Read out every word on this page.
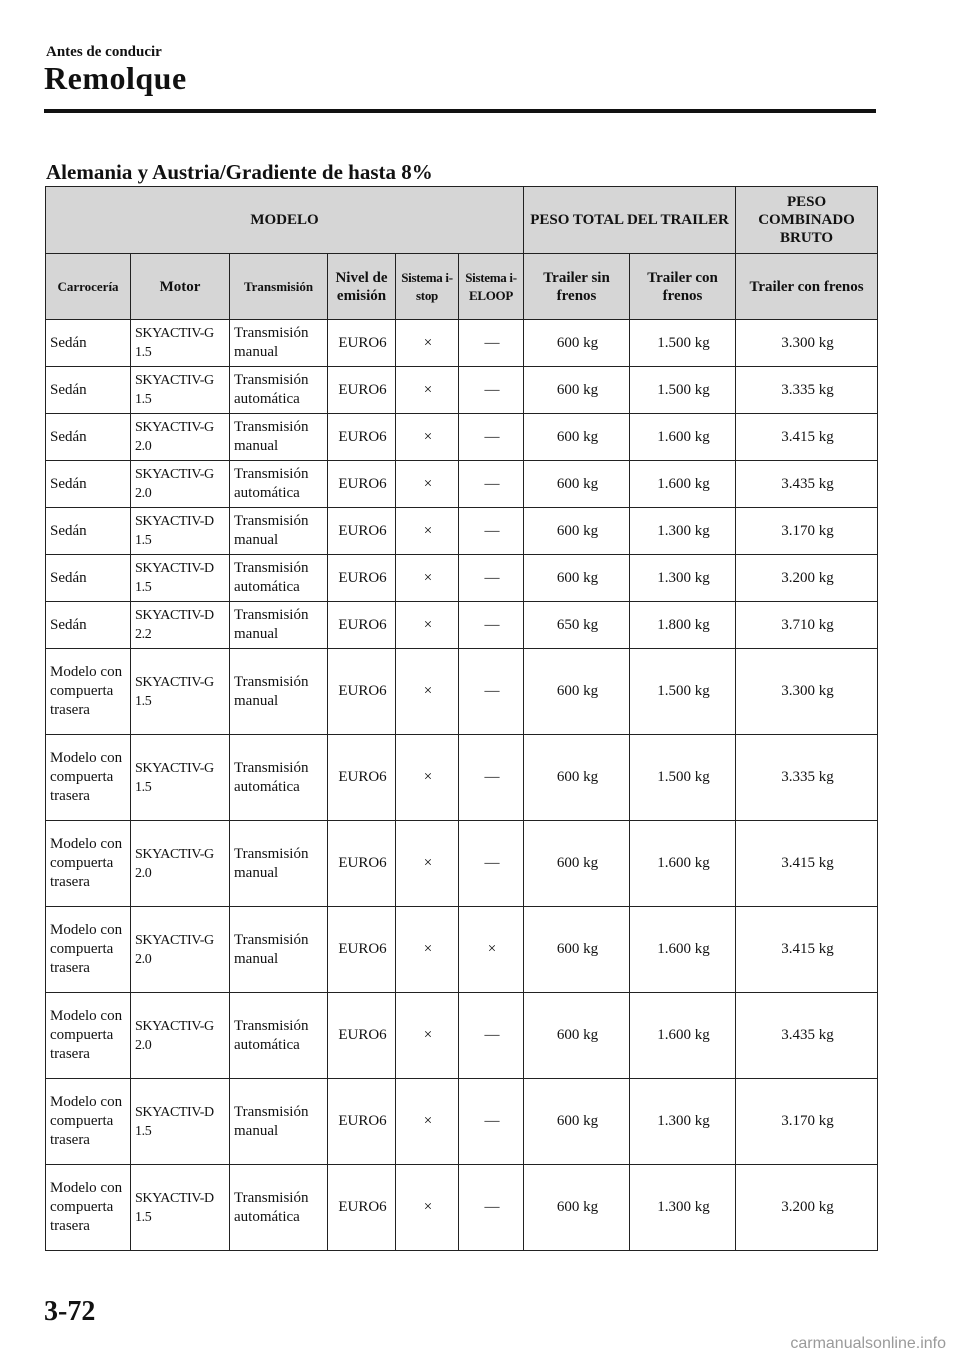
Antes de conducir
Remolque
Alemania y Austria/Gradiente de hasta 8%
MODELO						PESO TOTAL DEL TRAILER		PESO COMBINADO BRUTO
Carrocería	Motor	Transmisión	Nivel de emisión	Sistema i-stop	Sistema i-ELOOP	Trailer sin frenos	Trailer con frenos	Trailer con frenos
Sedán	SKYACTIV-G 1.5	Transmisión manual	EURO6	×	—	600 kg	1.500 kg	3.300 kg
Sedán	SKYACTIV-G 1.5	Transmisión automática	EURO6	×	—	600 kg	1.500 kg	3.335 kg
Sedán	SKYACTIV-G 2.0	Transmisión manual	EURO6	×	—	600 kg	1.600 kg	3.415 kg
Sedán	SKYACTIV-G 2.0	Transmisión automática	EURO6	×	—	600 kg	1.600 kg	3.435 kg
Sedán	SKYACTIV-D 1.5	Transmisión manual	EURO6	×	—	600 kg	1.300 kg	3.170 kg
Sedán	SKYACTIV-D 1.5	Transmisión automática	EURO6	×	—	600 kg	1.300 kg	3.200 kg
Sedán	SKYACTIV-D 2.2	Transmisión manual	EURO6	×	—	650 kg	1.800 kg	3.710 kg
Modelo con compuerta trasera	SKYACTIV-G 1.5	Transmisión manual	EURO6	×	—	600 kg	1.500 kg	3.300 kg
Modelo con compuerta trasera	SKYACTIV-G 1.5	Transmisión automática	EURO6	×	—	600 kg	1.500 kg	3.335 kg
Modelo con compuerta trasera	SKYACTIV-G 2.0	Transmisión manual	EURO6	×	—	600 kg	1.600 kg	3.415 kg
Modelo con compuerta trasera	SKYACTIV-G 2.0	Transmisión manual	EURO6	×	×	600 kg	1.600 kg	3.415 kg
Modelo con compuerta trasera	SKYACTIV-G 2.0	Transmisión automática	EURO6	×	—	600 kg	1.600 kg	3.435 kg
Modelo con compuerta trasera	SKYACTIV-D 1.5	Transmisión manual	EURO6	×	—	600 kg	1.300 kg	3.170 kg
Modelo con compuerta trasera	SKYACTIV-D 1.5	Transmisión automática	EURO6	×	—	600 kg	1.300 kg	3.200 kg
3-72
carmanualsonline.info
